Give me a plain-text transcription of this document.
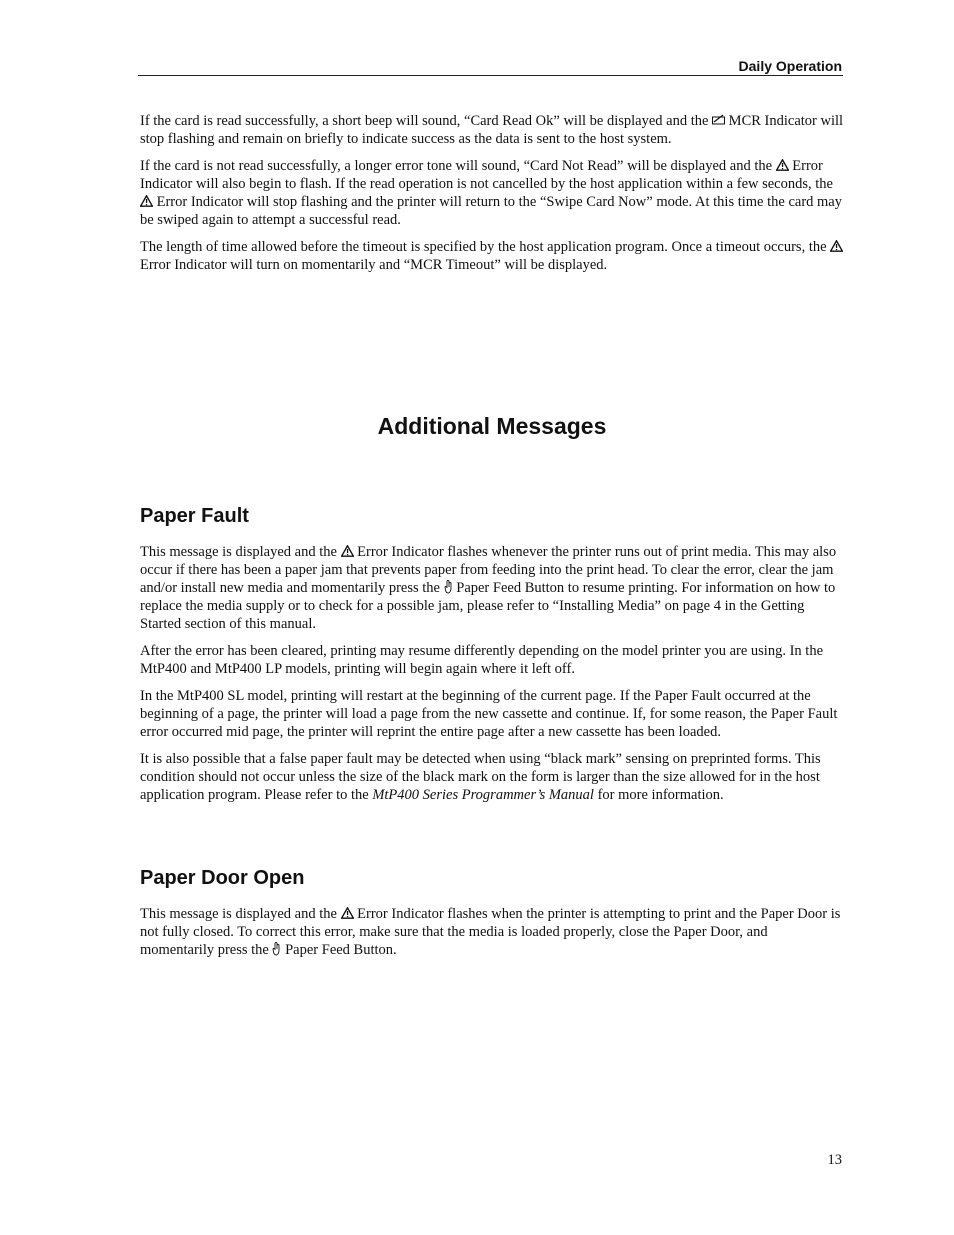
Daily Operation

If the card is read successfully, a short beep will sound, “Card Read Ok” will be displayed and the
MCR Indicator will stop flashing and remain on briefly to indicate success as the data is sent to the host system.

If the card is not read successfully, a longer error tone will sound, “Card Not Read” will be displayed and the
Error Indicator will also begin to flash. If the read operation is not cancelled by the host application within a few seconds, the
Error Indicator will stop flashing and the printer will return to the “Swipe Card Now” mode. At this time the card may be swiped again to attempt a successful read.

The length of time allowed before the timeout is specified by the host application program. Once a timeout occurs, the
Error Indicator will turn on momentarily and “MCR Timeout” will be displayed.

Additional Messages
Paper Fault

This message is displayed and the
Error Indicator flashes whenever the printer runs out of print media. This may also occur if there has been a paper jam that prevents paper from feeding into the print head. To clear the error, clear the jam and/or install new media and momentarily press the
Paper Feed Button to resume printing. For information on how to replace the media supply or to check for a possible jam, please refer to “Installing Media” on page 4 in the Getting Started section of this manual.

After the error has been cleared, printing may resume differently depending on the model printer you are using. In the MtP400 and MtP400 LP models, printing will begin again where it left off.

In the MtP400 SL model, printing will restart at the beginning of the current page. If the Paper Fault occurred at the beginning of a page, the printer will load a page from the new cassette and continue. If, for some reason, the Paper Fault error occurred mid page, the printer will reprint the entire page after a new cassette has been loaded.

It is also possible that a false paper fault may be detected when using “black mark” sensing on preprinted forms. This condition should not occur unless the size of the black mark on the form is larger than the size allowed for in the host application program. Please refer to the MtP400 Series Programmer’s Manual for more information.

Paper Door Open

This message is displayed and the
Error Indicator flashes when the printer is attempting to print and the Paper Door is not fully closed. To correct this error, make sure that the media is loaded properly, close the Paper Door, and momentarily press the
Paper Feed Button.

13
